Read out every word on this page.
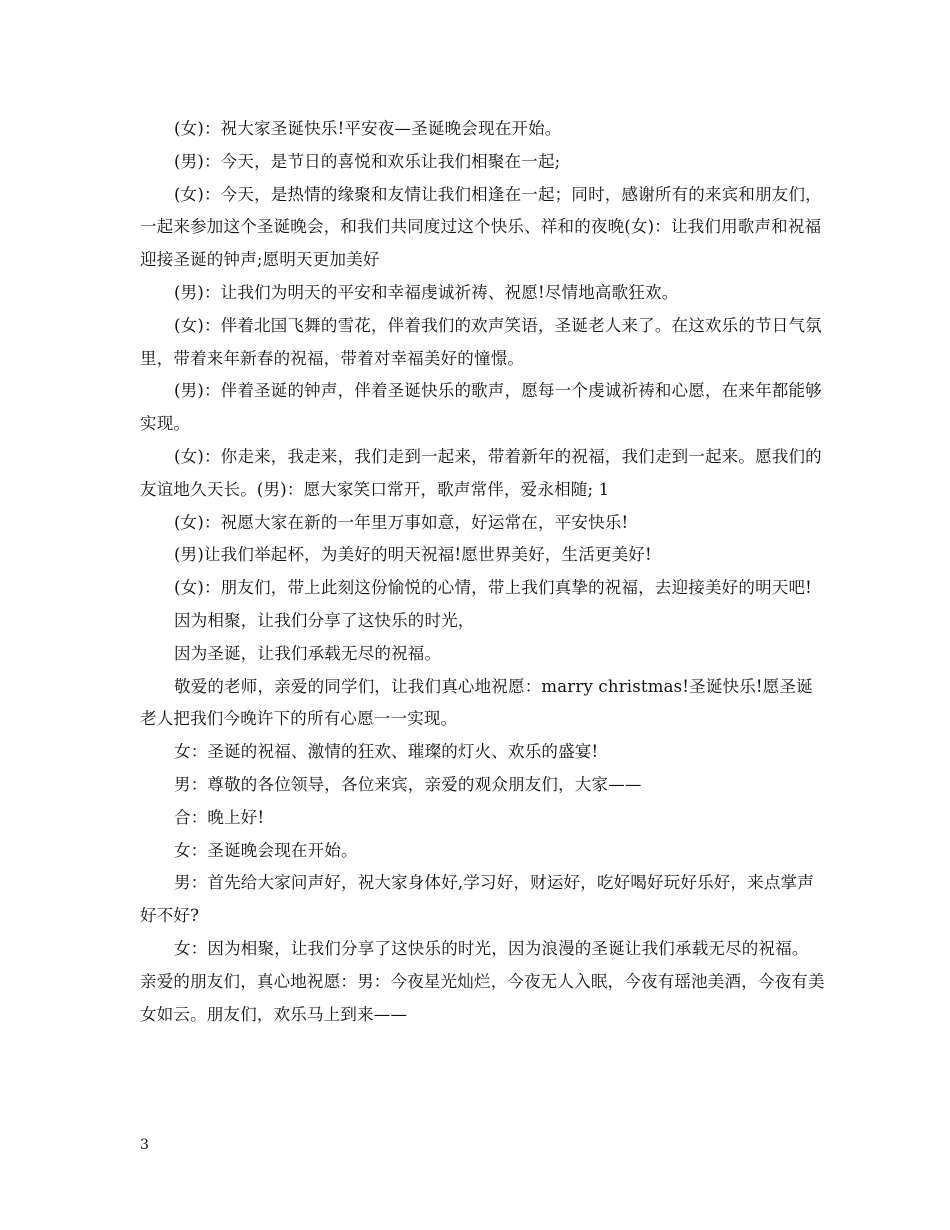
(女)：祝大家圣诞快乐!平安夜—圣诞晚会现在开始。

(男)：今天，是节日的喜悦和欢乐让我们相聚在一起;

(女)：今天，是热情的缘聚和友情让我们相逢在一起；同时，感谢所有的来宾和朋友们，一起来参加这个圣诞晚会，和我们共同度过这个快乐、祥和的夜晚(女)：让我们用歌声和祝福迎接圣诞的钟声;愿明天更加美好

(男)：让我们为明天的平安和幸福虔诚祈祷、祝愿!尽情地高歌狂欢。

(女)：伴着北国飞舞的雪花，伴着我们的欢声笑语，圣诞老人来了。在这欢乐的节日气氛里，带着来年新春的祝福，带着对幸福美好的憧憬。

(男)：伴着圣诞的钟声，伴着圣诞快乐的歌声，愿每一个虔诚祈祷和心愿，在来年都能够实现。

(女)：你走来，我走来，我们走到一起来，带着新年的祝福，我们走到一起来。愿我们的友谊地久天长。(男)：愿大家笑口常开，歌声常伴，爱永相随; 1

(女)：祝愿大家在新的一年里万事如意，好运常在，平安快乐!

(男)让我们举起杯，为美好的明天祝福!愿世界美好，生活更美好!

(女)：朋友们，带上此刻这份愉悦的心情，带上我们真挚的祝福，去迎接美好的明天吧!

因为相聚，让我们分享了这快乐的时光，

因为圣诞，让我们承载无尽的祝福。

敬爱的老师，亲爱的同学们，让我们真心地祝愿：marry christmas!圣诞快乐!愿圣诞老人把我们今晚许下的所有心愿一一实现。

女：圣诞的祝福、激情的狂欢、璀璨的灯火、欢乐的盛宴!

男：尊敬的各位领导，各位来宾，亲爱的观众朋友们，大家——

合：晚上好!

女：圣诞晚会现在开始。

男：首先给大家问声好，祝大家身体好,学习好，财运好，吃好喝好玩好乐好，来点掌声好不好?

女：因为相聚，让我们分享了这快乐的时光，因为浪漫的圣诞让我们承载无尽的祝福。亲爱的朋友们，真心地祝愿：男：今夜星光灿烂，今夜无人入眠，今夜有瑶池美酒，今夜有美女如云。朋友们，欢乐马上到来——

3
